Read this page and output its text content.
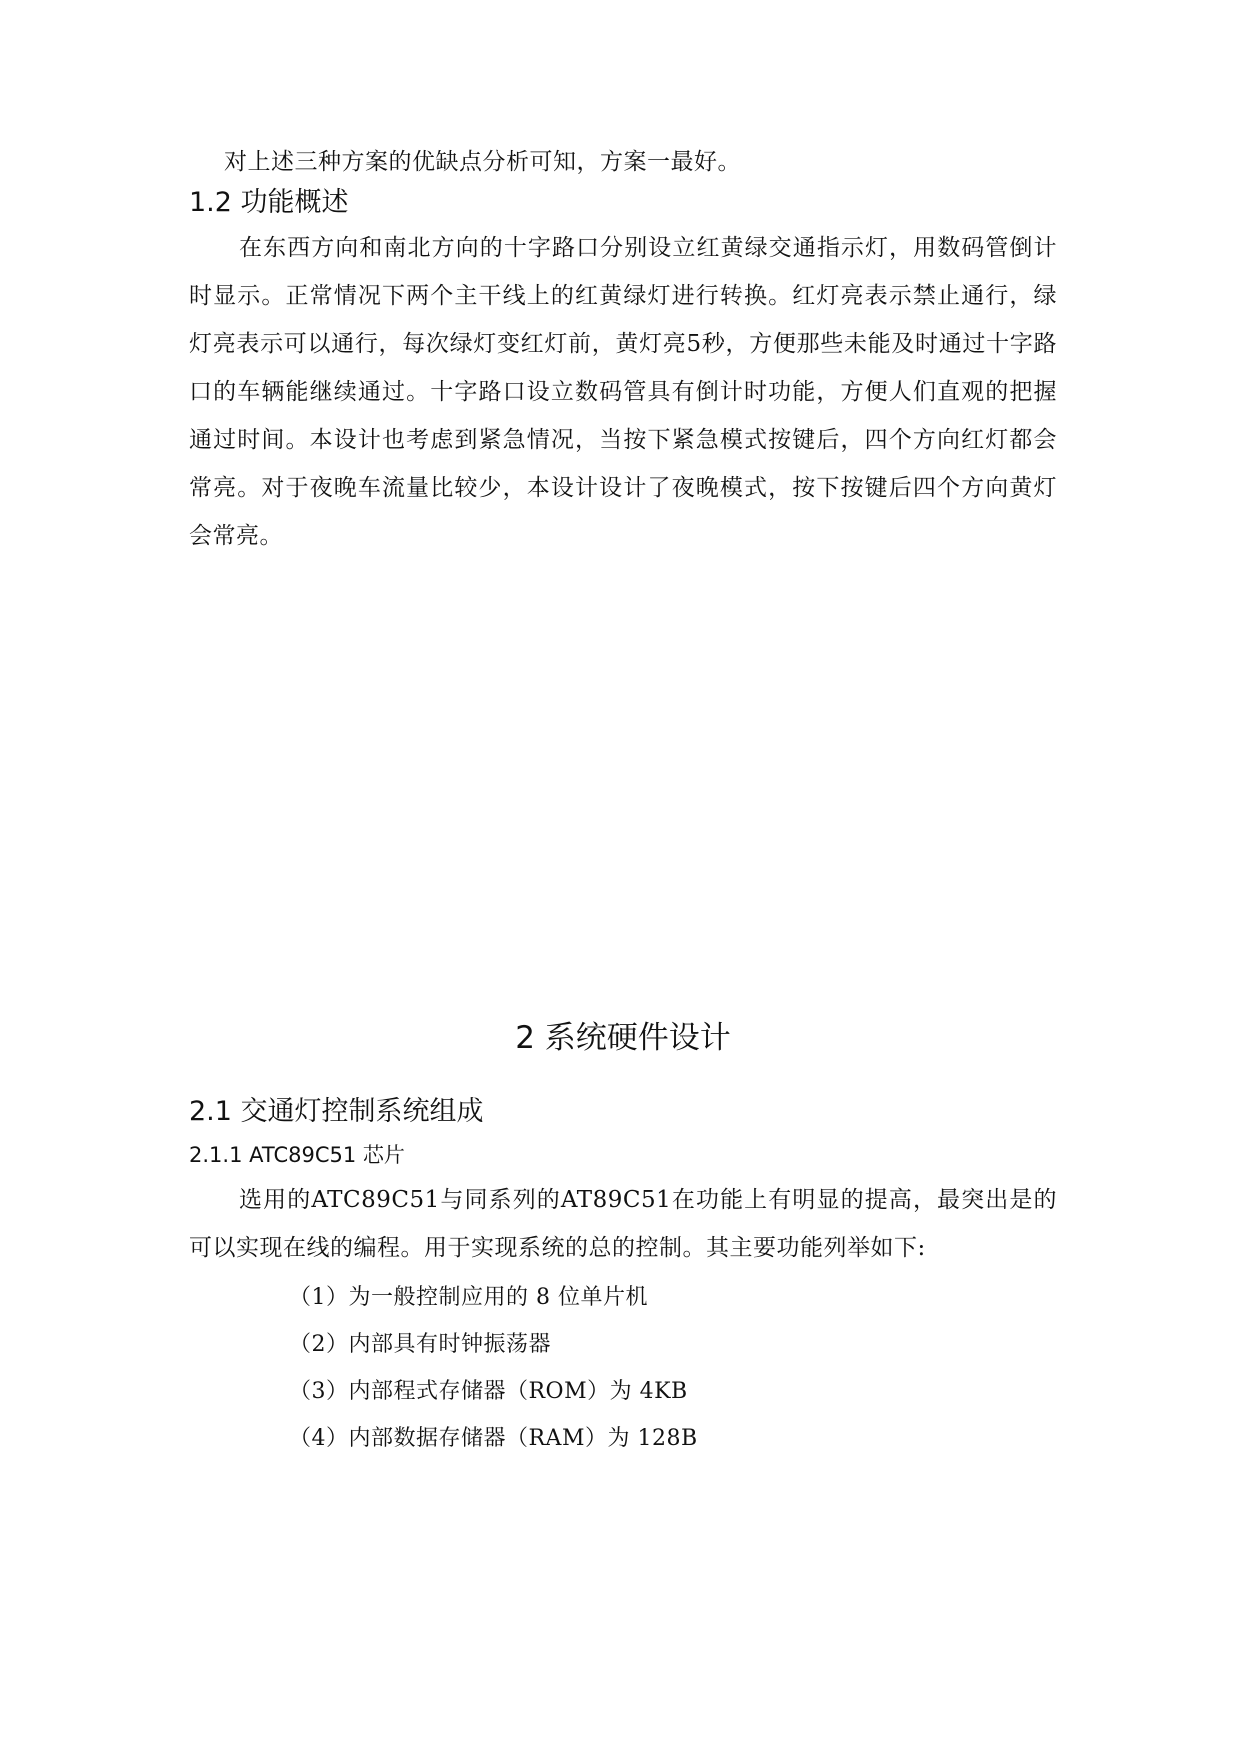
对上述三种方案的优缺点分析可知，方案一最好。

1.2 功能概述

在东西方向和南北方向的十字路口分别设立红黄绿交通指示灯，用数码管倒计时显示。正常情况下两个主干线上的红黄绿灯进行转换。红灯亮表示禁止通行，绿灯亮表示可以通行，每次绿灯变红灯前，黄灯亮5秒，方便那些未能及时通过十字路口的车辆能继续通过。十字路口设立数码管具有倒计时功能，方便人们直观的把握通过时间。本设计也考虑到紧急情况，当按下紧急模式按键后，四个方向红灯都会常亮。对于夜晚车流量比较少，本设计设计了夜晚模式，按下按键后四个方向黄灯会常亮。

2 系统硬件设计
2.1 交通灯控制系统组成
2.1.1 ATC89C51 芯片

选用的ATC89C51与同系列的AT89C51在功能上有明显的提高，最突出是的可以实现在线的编程。用于实现系统的总的控制。其主要功能列举如下:

（1）为一般控制应用的 8 位单片机

（2）内部具有时钟振荡器

（3）内部程式存储器（ROM）为 4KB

（4）内部数据存储器（RAM）为 128B
